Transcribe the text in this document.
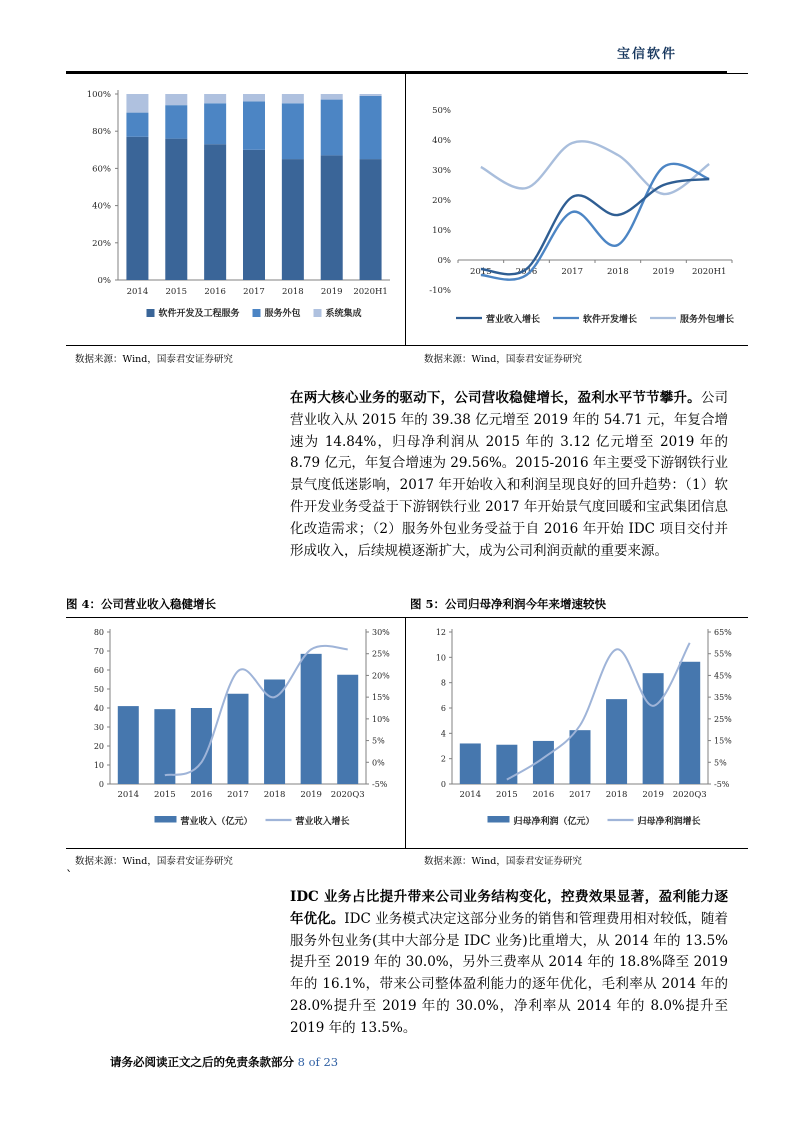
宝信软件
0%
20%
40%
60%
80%
100%
2014 2015 2016 2017 2018 2019 2020H1
软件开发及工程服务	服务外包	系统集成
-10%
0%
10%
20%
30%
40%
50%
2015	2016	2017	2018	2019 2020H1
营业收入增长	软件开发增长	服务外包增长
数据来源：Wind，国泰君安证券研究	数据来源：Wind，国泰君安证券研究

在两大核心业务的驱动下，公司营收稳健增长，盈利水平节节攀升。公司营业收入从 2015 年的 39.38 亿元增至 2019 年的 54.71 元，年复合增速为 14.84%，归母净利润从 2015 年的 3.12 亿元增至 2019 年的 8.79 亿元，年复合增速为 29.56%。2015-2016 年主要受下游钢铁行业景气度低迷影响，2017 年开始收入和利润呈现良好的回升趋势：（1）软件开发业务受益于下游钢铁行业 2017 年开始景气度回暖和宝武集团信息化改造需求；（2）服务外包业务受益于自 2016 年开始 IDC 项目交付并形成收入，后续规模逐渐扩大，成为公司利润贡献的重要来源。

图 4：公司营业收入稳健增长	图 5：公司归母净利润今年来增速较快
0
10
20
30
40
50
60
70
80
-5%
0%
5%
10%
15%
20%
25%
30%
2014 2015 2016 2017 2018 2019 2020Q3
营业收入（亿元）	营业收入增长
0
2
4
6
8
10
12
-5%
5%
15%
25%
35%
45%
55%
65%
2014 2015 2016 2017 2018 2019 2020Q3
归母净利润（亿元）	归母净利润增长
数据来源：Wind，国泰君安证券研究	数据来源：Wind，国泰君安证券研究
`

IDC 业务占比提升带来公司业务结构变化，控费效果显著，盈利能力逐年优化。IDC 业务模式决定这部分业务的销售和管理费用相对较低，随着服务外包业务(其中大部分是 IDC 业务)比重增大，从 2014 年的 13.5%提升至 2019 年的 30.0%，另外三费率从 2014 年的 18.8%降至 2019 年的 16.1%，带来公司整体盈利能力的逐年优化，毛利率从 2014 年的 28.0%提升至 2019 年的 30.0%，净利率从 2014 年的 8.0%提升至 2019 年的 13.5%。

请务必阅读正文之后的免责条款部分 8 of 23
